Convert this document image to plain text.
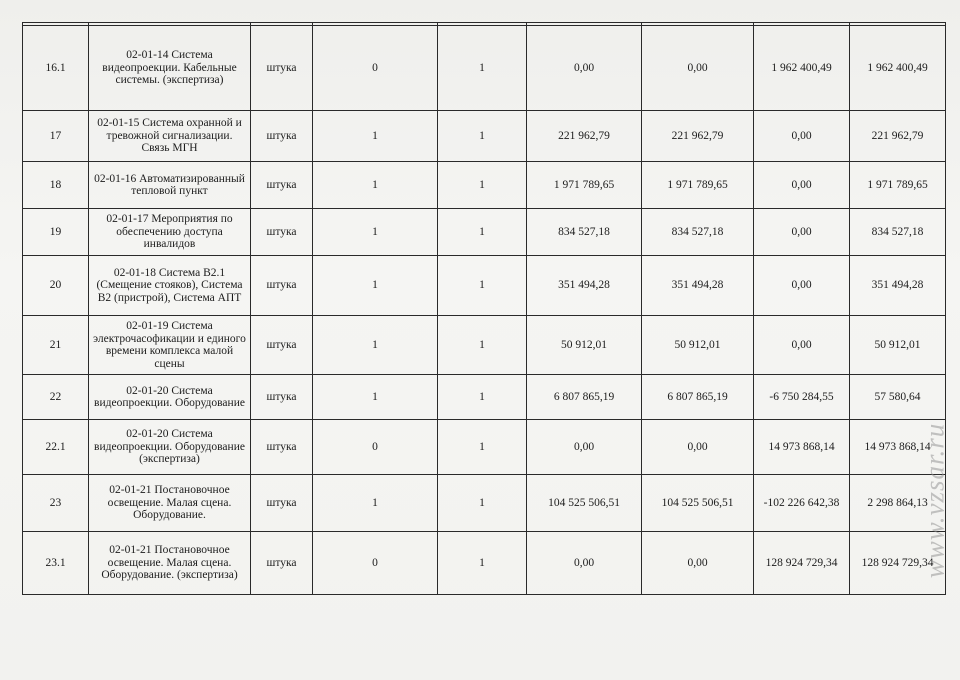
16.1	02-01-14 Система видеопроекции. Кабельные системы. (экспертиза)	штука	0	1	0,00	0,00	1 962 400,49	1 962 400,49
17	02-01-15 Система охранной и тревожной сигнализации. Связь МГН	штука	1	1	221 962,79	221 962,79	0,00	221 962,79
18	02-01-16 Автоматизированный тепловой пункт	штука	1	1	1 971 789,65	1 971 789,65	0,00	1 971 789,65
19	02-01-17 Мероприятия по обеспечению доступа инвалидов	штука	1	1	834 527,18	834 527,18	0,00	834 527,18
20	02-01-18 Система В2.1 (Смещение стояков), Система В2 (пристрой), Система АПТ	штука	1	1	351 494,28	351 494,28	0,00	351 494,28
21	02-01-19 Система электрочасофикации и единого времени комплекса малой сцены	штука	1	1	50 912,01	50 912,01	0,00	50 912,01
22	02-01-20 Система видеопроекции. Оборудование	штука	1	1	6 807 865,19	6 807 865,19	-6 750 284,55	57 580,64
22.1	02-01-20 Система видеопроекции. Оборудование (экспертиза)	штука	0	1	0,00	0,00	14 973 868,14	14 973 868,14
23	02-01-21 Постановочное освещение. Малая сцена. Оборудование.	штука	1	1	104 525 506,51	104 525 506,51	-102 226 642,38	2 298 864,13
23.1	02-01-21 Постановочное освещение. Малая сцена. Оборудование. (экспертиза)	штука	0	1	0,00	0,00	128 924 729,34	128 924 729,34
www.vzsar.ru
